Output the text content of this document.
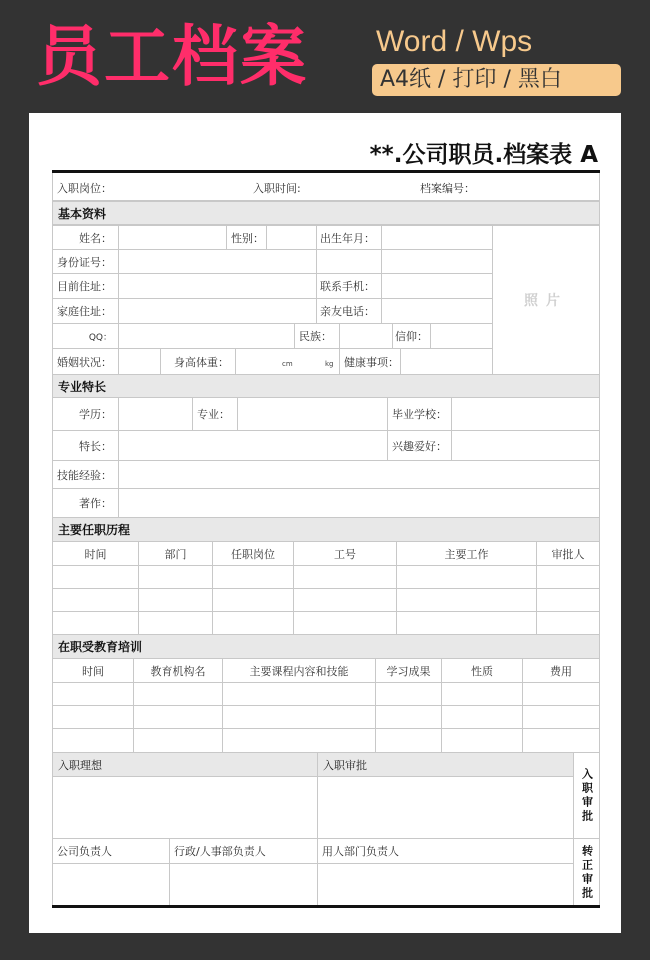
员工档案 Word / Wps
A4纸 / 打印 / 黑白
**.公司职员.档案表 A
入职岗位：	入职时间:	档案编号：
基本资料
姓名：	性别：	出生年月：
照片
身份证号：
目前住址：	联系手机：
家庭住址：	亲友电话：
QQ：	民族：	信仰：
婚姻状况：	身高体重：	cm	kg 健康事项：
专业特长
学历：	专业：	毕业学校：
特长：	兴趣爱好：
技能经验：
著作：
主要任职历程
时间	部门	任职岗位	工号	主要工作	审批人
在职受教育培训
时间	教育机构名	主要课程内容和技能	学习成果	性质	费用
入职理想	入职审批
入职审批
公司负责人	行政/人事部负责人	用人部门负责人	转正审批
